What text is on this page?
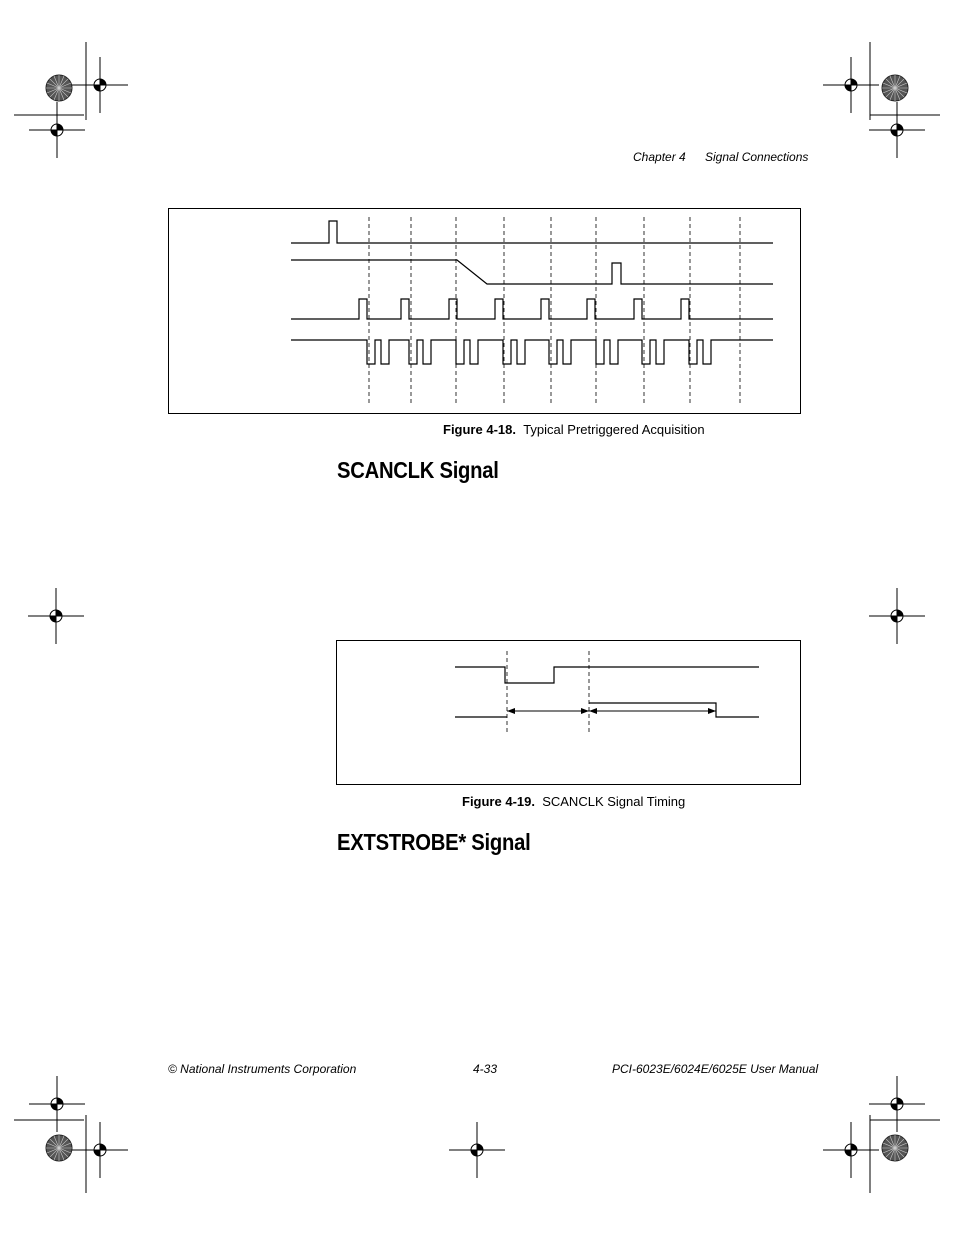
Chapter 4 Signal Connections
Figure 4-18. Typical Pretriggered Acquisition
SCANCLK Signal
Figure 4-19. SCANCLK Signal Timing
EXTSTROBE* Signal
© National Instruments Corporation	4-33	PCI-6023E/6024E/6025E User Manual
